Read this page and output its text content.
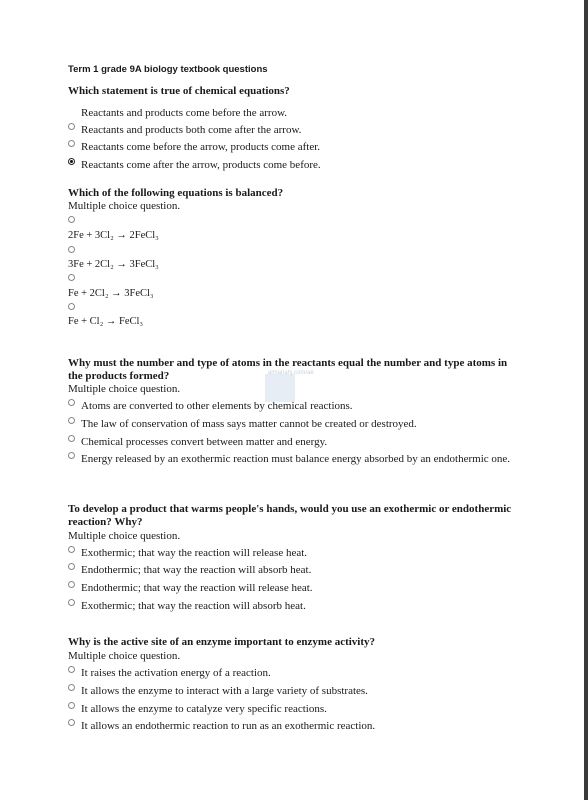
Term 1 grade 9A biology textbook questions
Which statement is true of chemical equations?
Reactants and products come before the arrow.
Reactants and products both come after the arrow.
Reactants come before the arrow, products come after.
Reactants come after the arrow, products come before.
Which of the following equations is balanced?
Multiple choice question.
2Fe + 3Cl₂ → 2FeCl₃
3Fe + 2Cl₂ → 3FeCl₃
Fe + 2Cl₂ → 3FeCl₃
Fe + Cl₂ → FeCl₃
Why must the number and type of atoms in the reactants equal the number and type atoms in the products formed?
Multiple choice question.
Atoms are converted to other elements by chemical reactions.
The law of conservation of mass says matter cannot be created or destroyed.
Chemical processes convert between matter and energy.
Energy released by an exothermic reaction must balance energy absorbed by an endothermic one.
To develop a product that warms people's hands, would you use an exothermic or endothermic reaction? Why?
Multiple choice question.
Exothermic; that way the reaction will release heat.
Endothermic; that way the reaction will absorb heat.
Endothermic; that way the reaction will release heat.
Exothermic; that way the reaction will absorb heat.
Why is the active site of an enzyme important to enzyme activity?
Multiple choice question.
It raises the activation energy of a reaction.
It allows the enzyme to interact with a large variety of substrates.
It allows the enzyme to catalyze very specific reactions.
It allows an endothermic reaction to run as an exothermic reaction.
almanahj.com/ae
